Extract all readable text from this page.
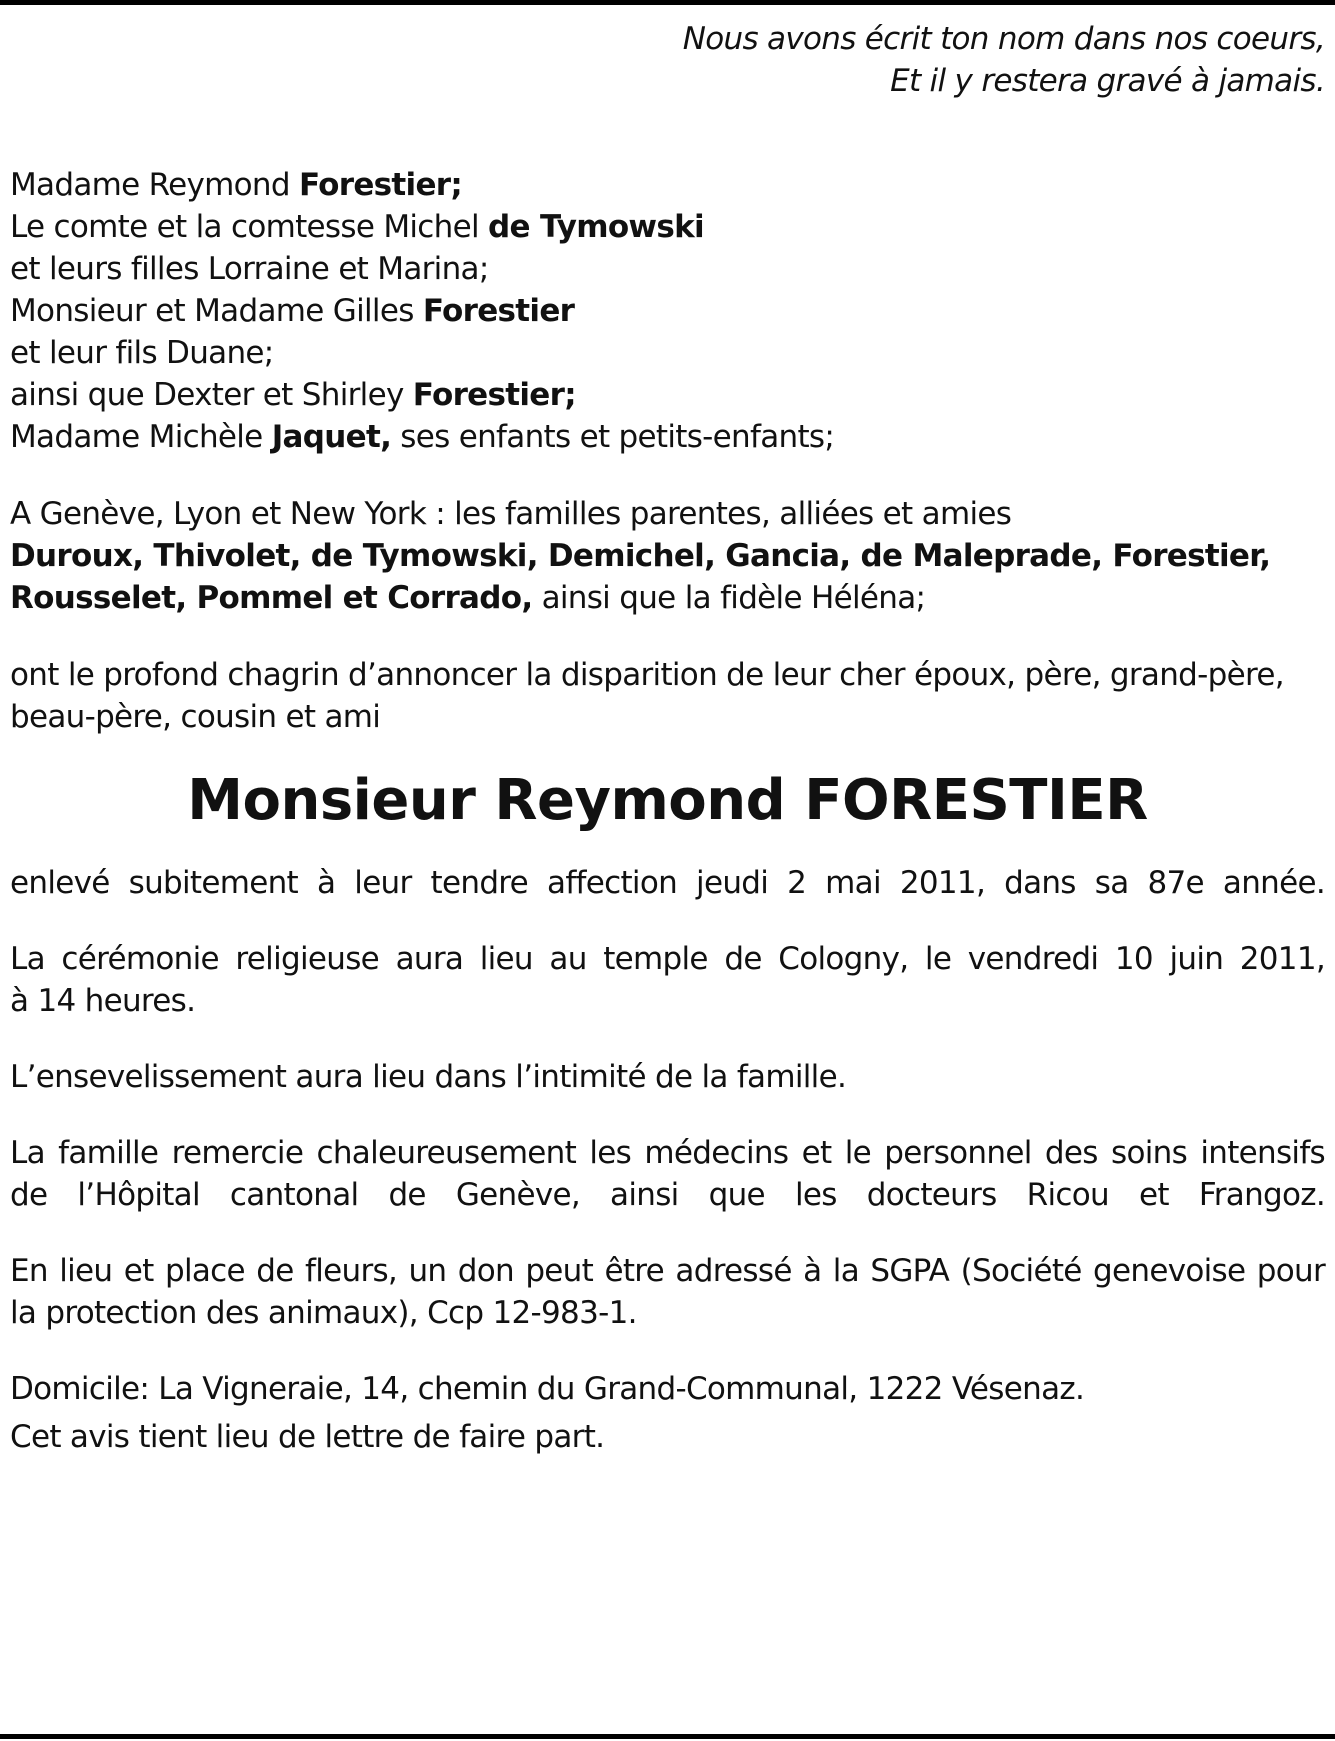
Nous avons écrit ton nom dans nos coeurs,
Et il y restera gravé à jamais.
Madame Reymond Forestier;
Le comte et la comtesse Michel de Tymowski
et leurs filles Lorraine et Marina;
Monsieur et Madame Gilles Forestier
et leur fils Duane;
ainsi que Dexter et Shirley Forestier;
Madame Michèle Jaquet, ses enfants et petits-enfants;
A Genève, Lyon et New York : les familles parentes, alliées et amies
Duroux, Thivolet, de Tymowski, Demichel, Gancia, de Maleprade, Forestier,
Rousselet, Pommel et Corrado, ainsi que la fidèle Héléna;
ont le profond chagrin d’annoncer la disparition de leur cher époux, père, grand-père,
beau-père, cousin et ami
Monsieur Reymond FORESTIER
enlevé subitement à leur tendre affection jeudi 2 mai 2011, dans sa 87e année.
La cérémonie religieuse aura lieu au temple de Cologny, le vendredi 10 juin 2011,
à 14 heures.
L’ensevelissement aura lieu dans l’intimité de la famille.
La famille remercie chaleureusement les médecins et le personnel des soins intensifs
de l’Hôpital cantonal de Genève, ainsi que les docteurs Ricou et Frangoz.
En lieu et place de fleurs, un don peut être adressé à la SGPA (Société genevoise pour
la protection des animaux), Ccp 12-983-1.
Domicile: La Vigneraie, 14, chemin du Grand-Communal, 1222 Vésenaz.
Cet avis tient lieu de lettre de faire part.
